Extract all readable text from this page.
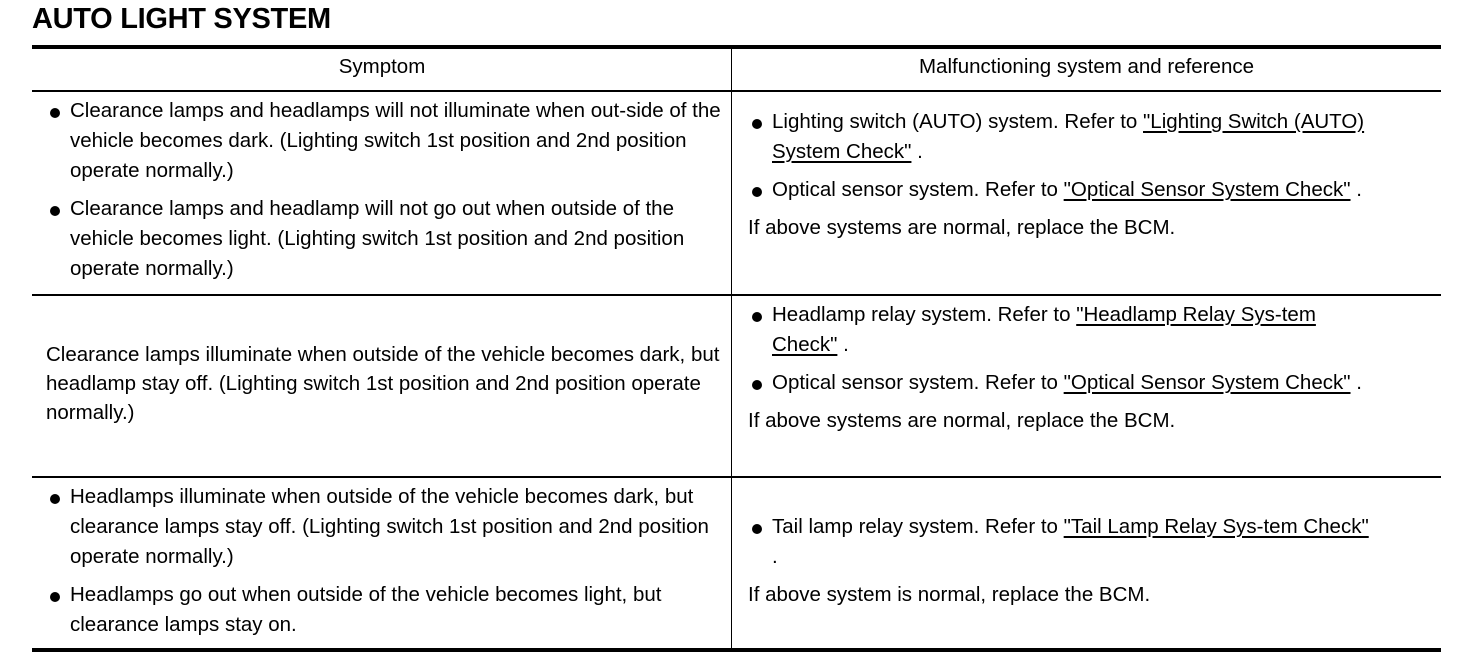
AUTO LIGHT SYSTEM
Symptom	Malfunctioning system and reference
Clearance lamps and headlamps will not illuminate when out-side of the vehicle becomes dark. (Lighting switch 1st position and 2nd position operate normally.)
Clearance lamps and headlamp will not go out when outside of the vehicle becomes light. (Lighting switch 1st position and 2nd position operate normally.)
Lighting switch (AUTO) system. Refer to "Lighting Switch (AUTO) System Check" .
Optical sensor system. Refer to "Optical Sensor System Check" .
If above systems are normal, replace the BCM.
Clearance lamps illuminate when outside of the vehicle becomes dark, but headlamp stay off. (Lighting switch 1st position and 2nd position operate normally.)
Headlamp relay system. Refer to "Headlamp Relay Sys-tem Check" .
Optical sensor system. Refer to "Optical Sensor System Check" .
If above systems are normal, replace the BCM.
Headlamps illuminate when outside of the vehicle becomes dark, but clearance lamps stay off. (Lighting switch 1st position and 2nd position operate normally.)
Headlamps go out when outside of the vehicle becomes light, but clearance lamps stay on.
Tail lamp relay system. Refer to "Tail Lamp Relay Sys-tem Check" .
If above system is normal, replace the BCM.
